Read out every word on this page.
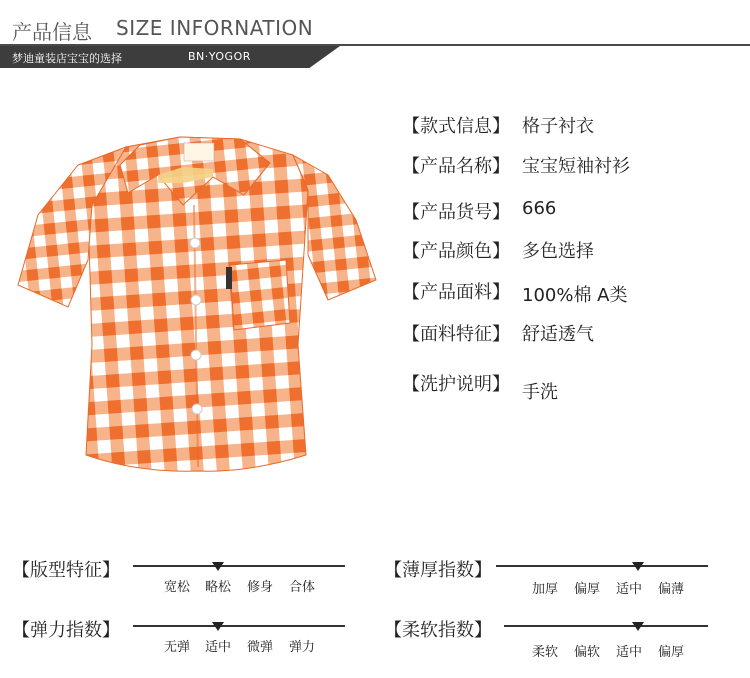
产品信息 SIZE INFORNATION
梦迪童装店宝宝的选择	BN·YOGOR
【款式信息】 格子衬衣
【产品名称】 宝宝短袖衬衫
【产品货号】 666
【产品颜色】 多色选择
【产品面料】 100%棉 A类
【面料特征】 舒适透气
【洗护说明】 手洗
【版型特征】
宽松 略松 修身 合体
【薄厚指数】
加厚 偏厚 适中 偏薄
【弹力指数】
无弹 适中 微弹 弹力
【柔软指数】
柔软 偏软 适中 偏厚
